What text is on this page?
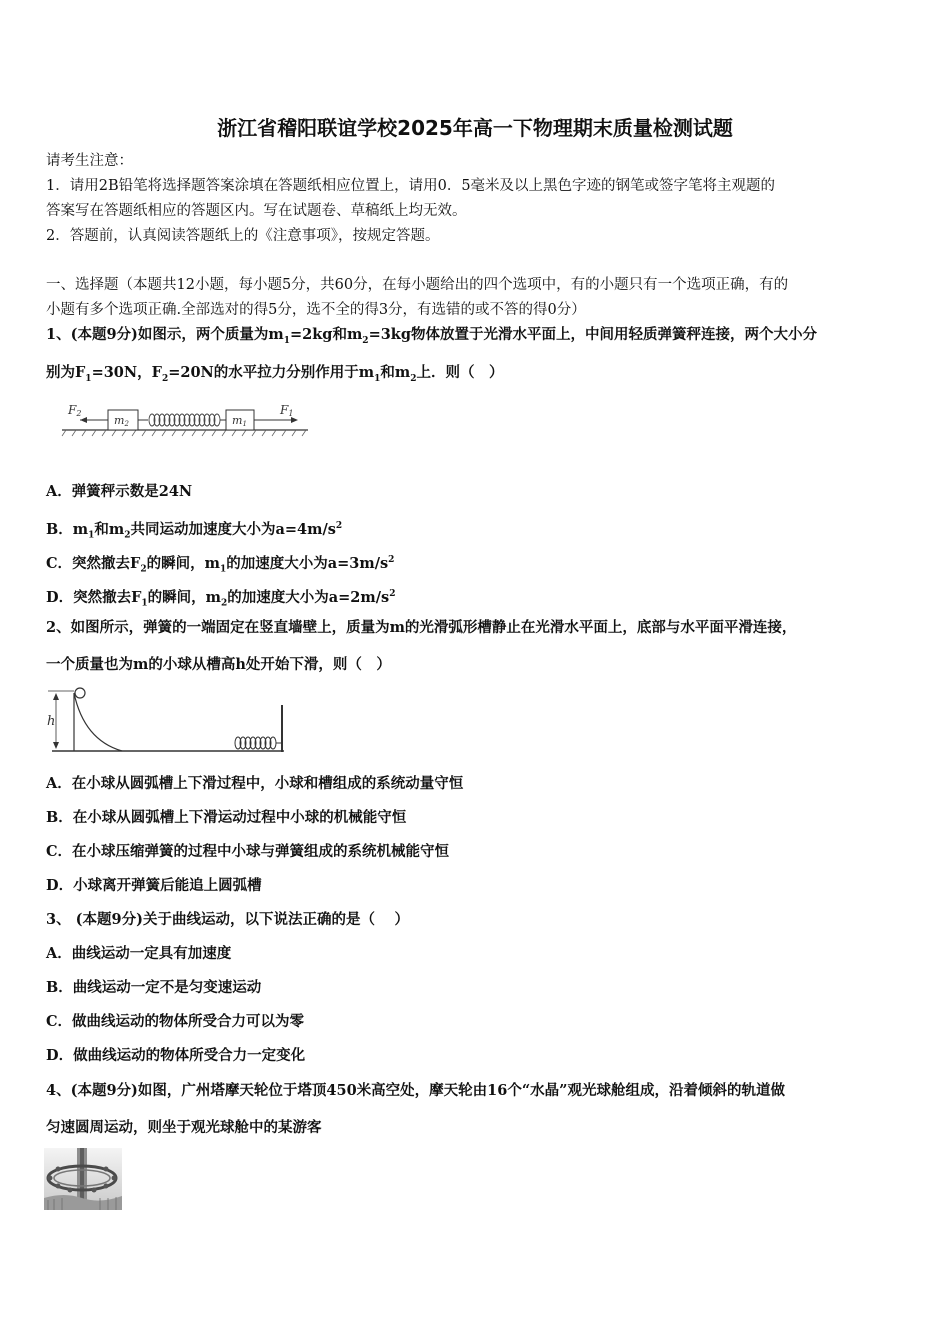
浙江省稽阳联谊学校2025年高一下物理期末质量检测试题
请考生注意：
1．请用2B铅笔将选择题答案涂填在答题纸相应位置上，请用0．5毫米及以上黑色字迹的钢笔或签字笔将主观题的
答案写在答题纸相应的答题区内。写在试题卷、草稿纸上均无效。
2．答题前，认真阅读答题纸上的《注意事项》，按规定答题。
一、选择题（本题共12小题，每小题5分，共60分，在每小题给出的四个选项中，有的小题只有一个选项正确，有的
小题有多个选项正确.全部选对的得5分，选不全的得3分，有选错的或不答的得0分）
1、(本题9分)如图示，两个质量为$m_1=2kg$和$m_2=3kg$物体放置于光滑水平面上，中间用轻质弹簧秤连接，两个大小分
别为$F_1=30N$，$F_2=20N$的水平拉力分别作用于$m_1$和$m_2$上．则（　）
F2
m2	m1
F1
A．弹簧秤示数是24N
B．$m_1$和$m_2$共同运动加速度大小为$a=4m/s^2$
C．突然撤去$F_2$的瞬间，$m_1$的加速度大小为$a=3m/s^2$
D．突然撤去$F_1$的瞬间，$m_2$的加速度大小为$a=2m/s^2$
2、如图所示，弹簧的一端固定在竖直墙壁上，质量为m的光滑弧形槽静止在光滑水平面上，底部与水平面平滑连接，
一个质量也为m的小球从槽高h处开始下滑，则（　）
h
A．在小球从圆弧槽上下滑过程中，小球和槽组成的系统动量守恒
B．在小球从圆弧槽上下滑运动过程中小球的机械能守恒
C．在小球压缩弹簧的过程中小球与弹簧组成的系统机械能守恒
D．小球离开弹簧后能追上圆弧槽
3、 (本题9分)关于曲线运动，以下说法正确的是（　 ）
A．曲线运动一定具有加速度
B．曲线运动一定不是匀变速运动
C．做曲线运动的物体所受合力可以为零
D．做曲线运动的物体所受合力一定变化
4、(本题9分)如图，广州塔摩天轮位于塔顶450米高空处，摩天轮由16个“水晶”观光球舱组成，沿着倾斜的轨道做
匀速圆周运动，则坐于观光球舱中的某游客
